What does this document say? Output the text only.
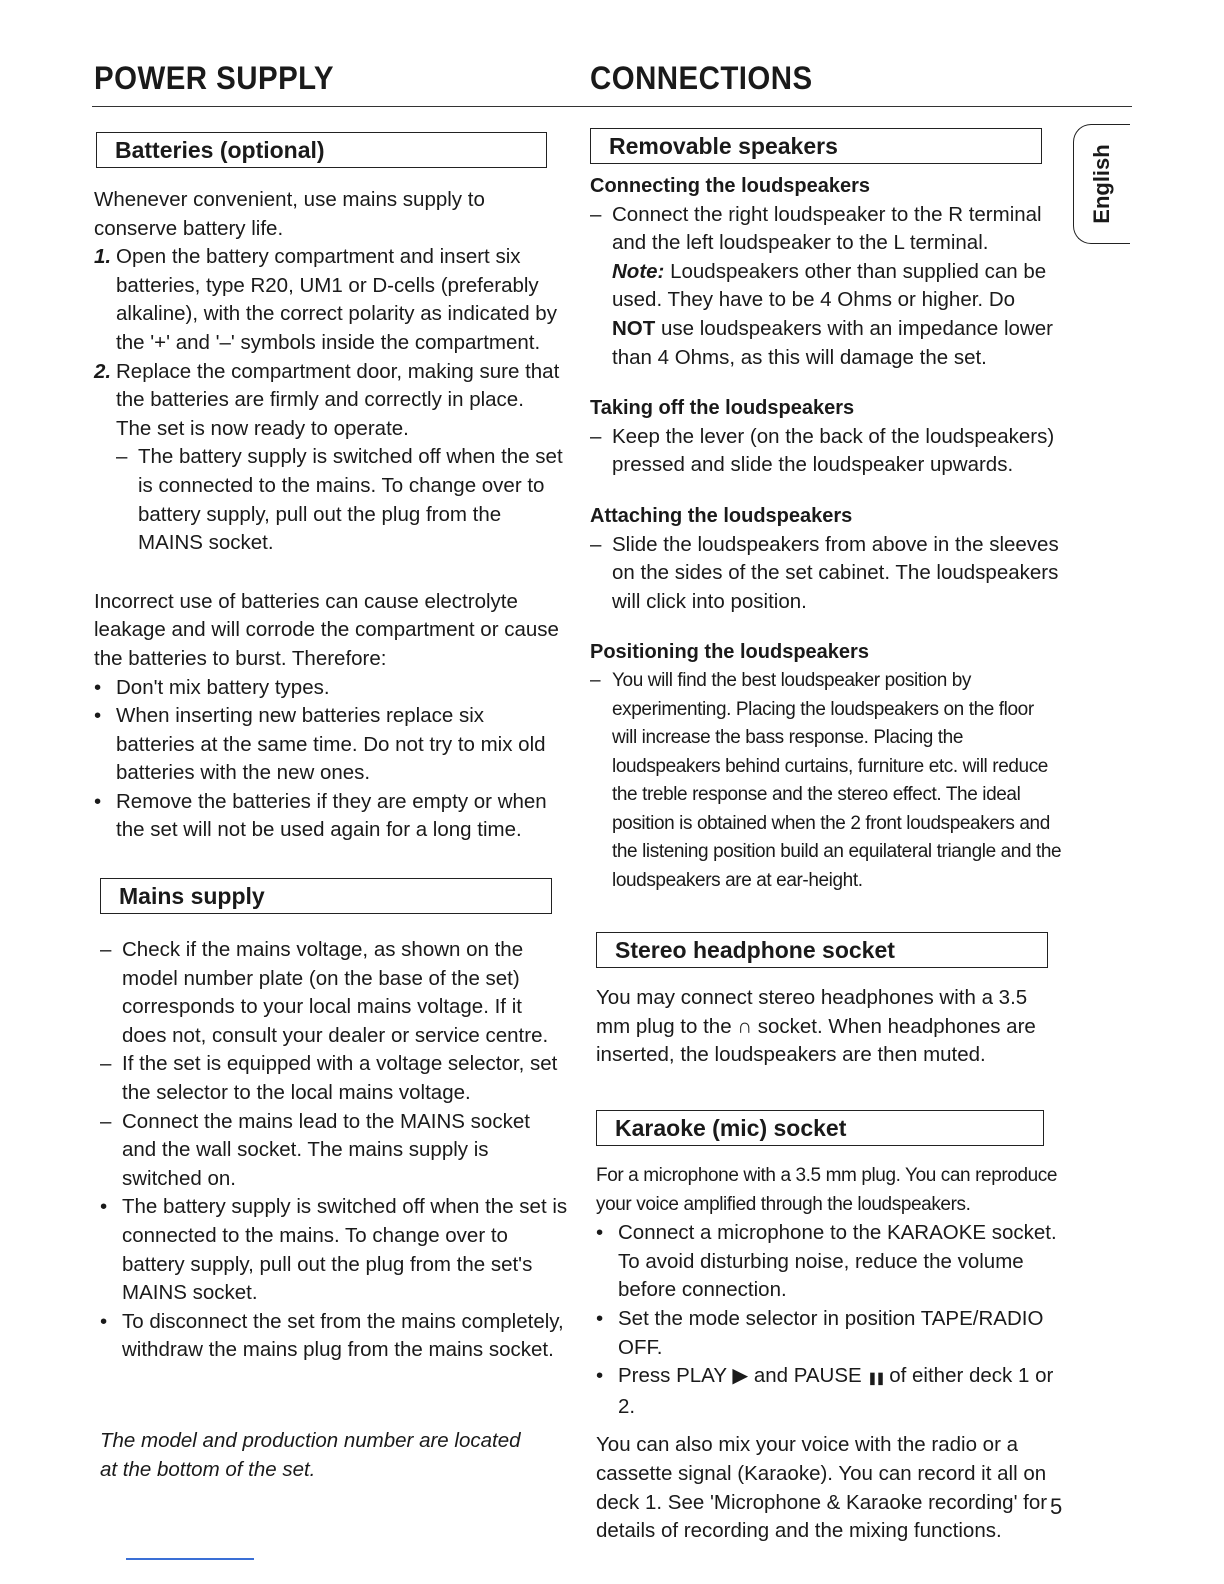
POWER SUPPLY	CONNECTIONS
English
Batteries (optional)

Whenever convenient, use mains supply to conserve battery life.

1. Open the battery compartment and insert six batteries, type R20, UM1 or D-cells (preferably alkaline), with the correct polarity as indicated by the '+' and '–' symbols inside the compartment.
2. Replace the compartment door, making sure that the batteries are firmly and correctly in place. The set is now ready to operate.
– The battery supply is switched off when the set is connected to the mains. To change over to battery supply, pull out the plug from the MAINS socket.

Incorrect use of batteries can cause electrolyte leakage and will corrode the compartment or cause the batteries to burst. Therefore:

• Don't mix battery types.
• When inserting new batteries replace six batteries at the same time. Do not try to mix old batteries with the new ones.
• Remove the batteries if they are empty or when the set will not be used again for a long time.
Mains supply
– Check if the mains voltage, as shown on the model number plate (on the base of the set) corresponds to your local mains voltage. If it does not, consult your dealer or service centre.
– If the set is equipped with a voltage selector, set the selector to the local mains voltage.
– Connect the mains lead to the MAINS socket and the wall socket. The mains supply is switched on.
• The battery supply is switched off when the set is connected to the mains. To change over to battery supply, pull out the plug from the set's MAINS socket.
• To disconnect the set from the mains completely, withdraw the mains plug from the mains socket.

The model and production number are located at the bottom of the set.

Removable speakers

Connecting the loudspeakers

– Connect the right loudspeaker to the R terminal and the left loudspeaker to the L terminal.

Note: Loudspeakers other than supplied can be used. They have to be 4 Ohms or higher. Do NOT use loudspeakers with an impedance lower than 4 Ohms, as this will damage the set.

Taking off the loudspeakers

– Keep the lever (on the back of the loudspeakers) pressed and slide the loudspeaker upwards.

Attaching the loudspeakers

– Slide the loudspeakers from above in the sleeves on the sides of the set cabinet. The loudspeakers will click into position.

Positioning the loudspeakers

– You will find the best loudspeaker position by experimenting. Placing the loudspeakers on the floor will increase the bass response. Placing the loudspeakers behind curtains, furniture etc. will reduce the treble response and the stereo effect. The ideal position is obtained when the 2 front loudspeakers and the listening position build an equilateral triangle and the loudspeakers are at ear-height.
Stereo headphone socket

You may connect stereo headphones with a 3.5 mm plug to the ∩ socket. When headphones are inserted, the loudspeakers are then muted.

Karaoke (mic) socket

For a microphone with a 3.5 mm plug. You can reproduce your voice amplified through the loudspeakers.

• Connect a microphone to the KARAOKE socket. To avoid disturbing noise, reduce the volume before connection.
• Set the mode selector in position TAPE/RADIO OFF.
• Press PLAY ▶ and PAUSE ❚❚ of either deck 1 or 2.

You can also mix your voice with the radio or a cassette signal (Karaoke). You can record it all on deck 1. See 'Microphone & Karaoke recording' for details of recording and the mixing functions.

5
